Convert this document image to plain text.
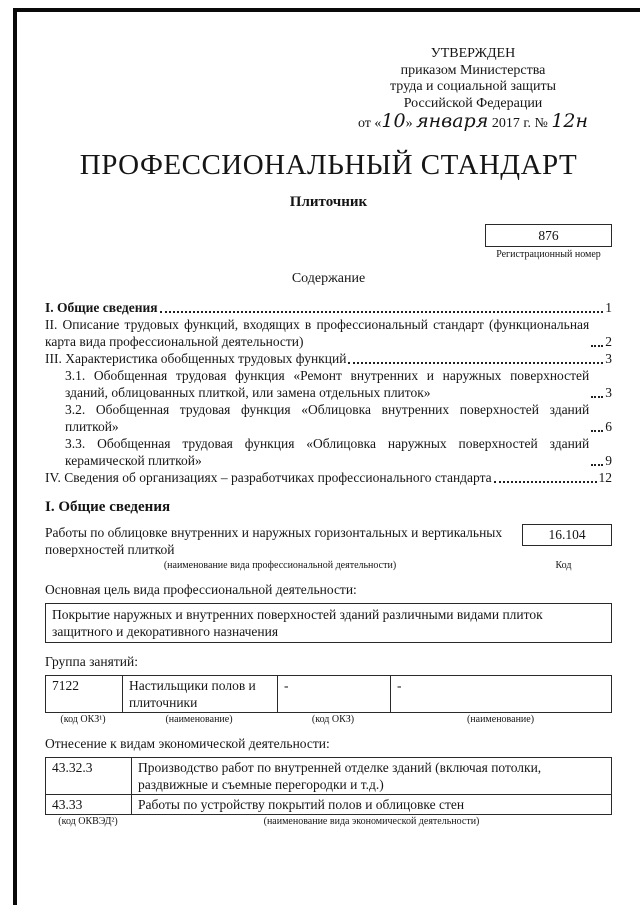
УТВЕРЖДЕН
приказом Министерства
труда и социальной защиты
Российской Федерации
от «10» января 2017 г. № 12н
ПРОФЕССИОНАЛЬНЫЙ СТАНДАРТ
Плиточник
876
Регистрационный номер
Содержание
I. Общие сведения	1
II. Описание трудовых функций, входящих в профессиональный стандарт (функциональная карта вида профессиональной деятельности)	2
III. Характеристика обобщенных трудовых функций	3
3.1. Обобщенная трудовая функция «Ремонт внутренних и наружных поверхностей зданий, облицованных плиткой, или замена отдельных плиток»	3
3.2. Обобщенная трудовая функция «Облицовка внутренних поверхностей зданий плиткой»	6
3.3. Обобщенная трудовая функция «Облицовка наружных поверхностей зданий керамической плиткой»	9
IV. Сведения об организациях – разработчиках профессионального стандарта	12
I. Общие сведения
Работы по облицовке внутренних и наружных горизонтальных и вертикальных поверхностей плиткой
16.104
(наименование вида профессиональной деятельности)	Код
Основная цель вида профессиональной деятельности:
Покрытие наружных и внутренних поверхностей зданий различными видами плиток защитного и декоративного назначения
Группа занятий:
7122	Настильщики полов и плиточники	-	-
(код ОКЗ¹)	(наименование)	(код ОКЗ)	(наименование)
Отнесение к видам экономической деятельности:
43.32.3	Производство работ по внутренней отделке зданий (включая потолки, раздвижные и съемные перегородки и т.д.)
43.33	Работы по устройству покрытий полов и облицовке стен
(код ОКВЭД²)	(наименование вида экономической деятельности)
